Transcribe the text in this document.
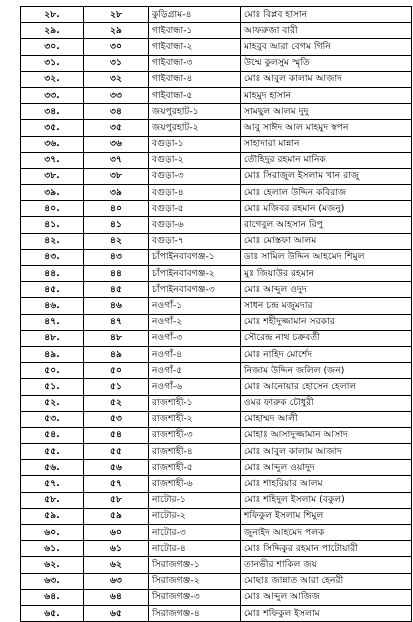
২৮.	২৮	কুড়িগ্রাম-৪	মোঃ বিপ্লব হাসান
২৯.	২৯	গাইবান্ধা-১	আফরুজা বারী
৩০.	৩০	গাইবান্ধা-২	মাহবুব আরা বেগম গিনি
৩১.	৩১	গাইবান্ধা-৩	উম্মে কুলসুম স্মৃতি
৩২.	৩২	গাইবান্ধা-৪	মোঃ আবুল কালাম আজাদ
৩৩.	৩৩	গাইবান্ধা-৫	মাহমুদ হাসান
৩৪.	৩৪	জয়পুরহাট-১	সামছুল আলম দুদু
৩৫.	৩৫	জয়পুরহাট-২	আবু সাঈদ আল মাহমুদ স্বপন
৩৬.	৩৬	বগুড়া-১	সাহাদারা মান্নান
৩৭.	৩৭	বগুড়া-২	তৌহিদুর রহমান মানিক
৩৮.	৩৮	বগুড়া-৩	মোঃ সিরাজুল ইসলাম খান রাজু
৩৯.	৩৯	বগুড়া-৪	মোঃ হেলাল উদ্দিন কবিরাজ
৪০.	৪০	বগুড়া-৫	মোঃ মজিবর রহমান (মজনু)
৪১.	৪১	বগুড়া-৬	রাগেবুল আহসান রিপু
৪২.	৪২	বগুড়া-৭	মোঃ মোস্তফা আলম
৪৩.	৪৩	চাঁপাইনবাবগঞ্জ-১	ডাঃ সামিল উদ্দিন আহমেদ শিমুল
৪৪.	৪৪	চাঁপাইনবাবগঞ্জ-২	মুঃ জিয়াউর রহমান
৪৫.	৪৫	চাঁপাইনবাবগঞ্জ-৩	মোঃ আব্দুল ওদুদ
৪৬.	৪৬	নওগাঁ-১	সাধন চন্দ্র মজুমদার
৪৭.	৪৭	নওগাঁ-২	মোঃ শহীদুজ্জামান সরকার
৪৮.	৪৮	নওগাঁ-৩	সৌরেন্দ্র নাথ চক্রবর্তী
৪৯.	৪৯	নওগাঁ-৪	মোঃ নাহিদ মোর্শেদ
৫০.	৫০	নওগাঁ-৫	নিজাম উদ্দিন জলিল (জন)
৫১.	৫১	নওগাঁ-৬	মোঃ আনোয়ার হোসেন হেলাল
৫২.	৫২	রাজশাহী-১	ওমর ফারুক চৌধুরী
৫৩.	৫৩	রাজশাহী-২	মোহাম্মদ আলী
৫৪.	৫৪	রাজশাহী-৩	মোহাঃ আসাদুজ্জামান আসাদ
৫৫.	৫৫	রাজশাহী-৪	মোঃ আবুল কালাম আজাদ
৫৬.	৫৬	রাজশাহী-৫	মোঃ আব্দুল ওয়াদুদ
৫৭.	৫৭	রাজশাহী-৬	মোঃ শাহরিয়ার আলম
৫৮.	৫৮	নাটোর-১	মোঃ শহিদুল ইসলাম (বকুল)
৫৯.	৫৯	নাটোর-২	শফিকুল ইসলাম শিমুল
৬০.	৬০	নাটোর-৩	জুনাইদ আহমেদ পলক
৬১.	৬১	নাটোর-৪	মোঃ সিদ্দিকুর রহমান পাটোয়ারী
৬২.	৬২	সিরাজগঞ্জ-১	তানভীর শাকিল জয়
৬৩.	৬৩	সিরাজগঞ্জ-২	মোছাঃ জান্নাত আরা হেনরী
৬৪.	৬৪	সিরাজগঞ্জ-৩	মোঃ আব্দুল আজিজ
৬৫.	৬৫	সিরাজগঞ্জ-৪	মোঃ শফিকুল ইসলাম
